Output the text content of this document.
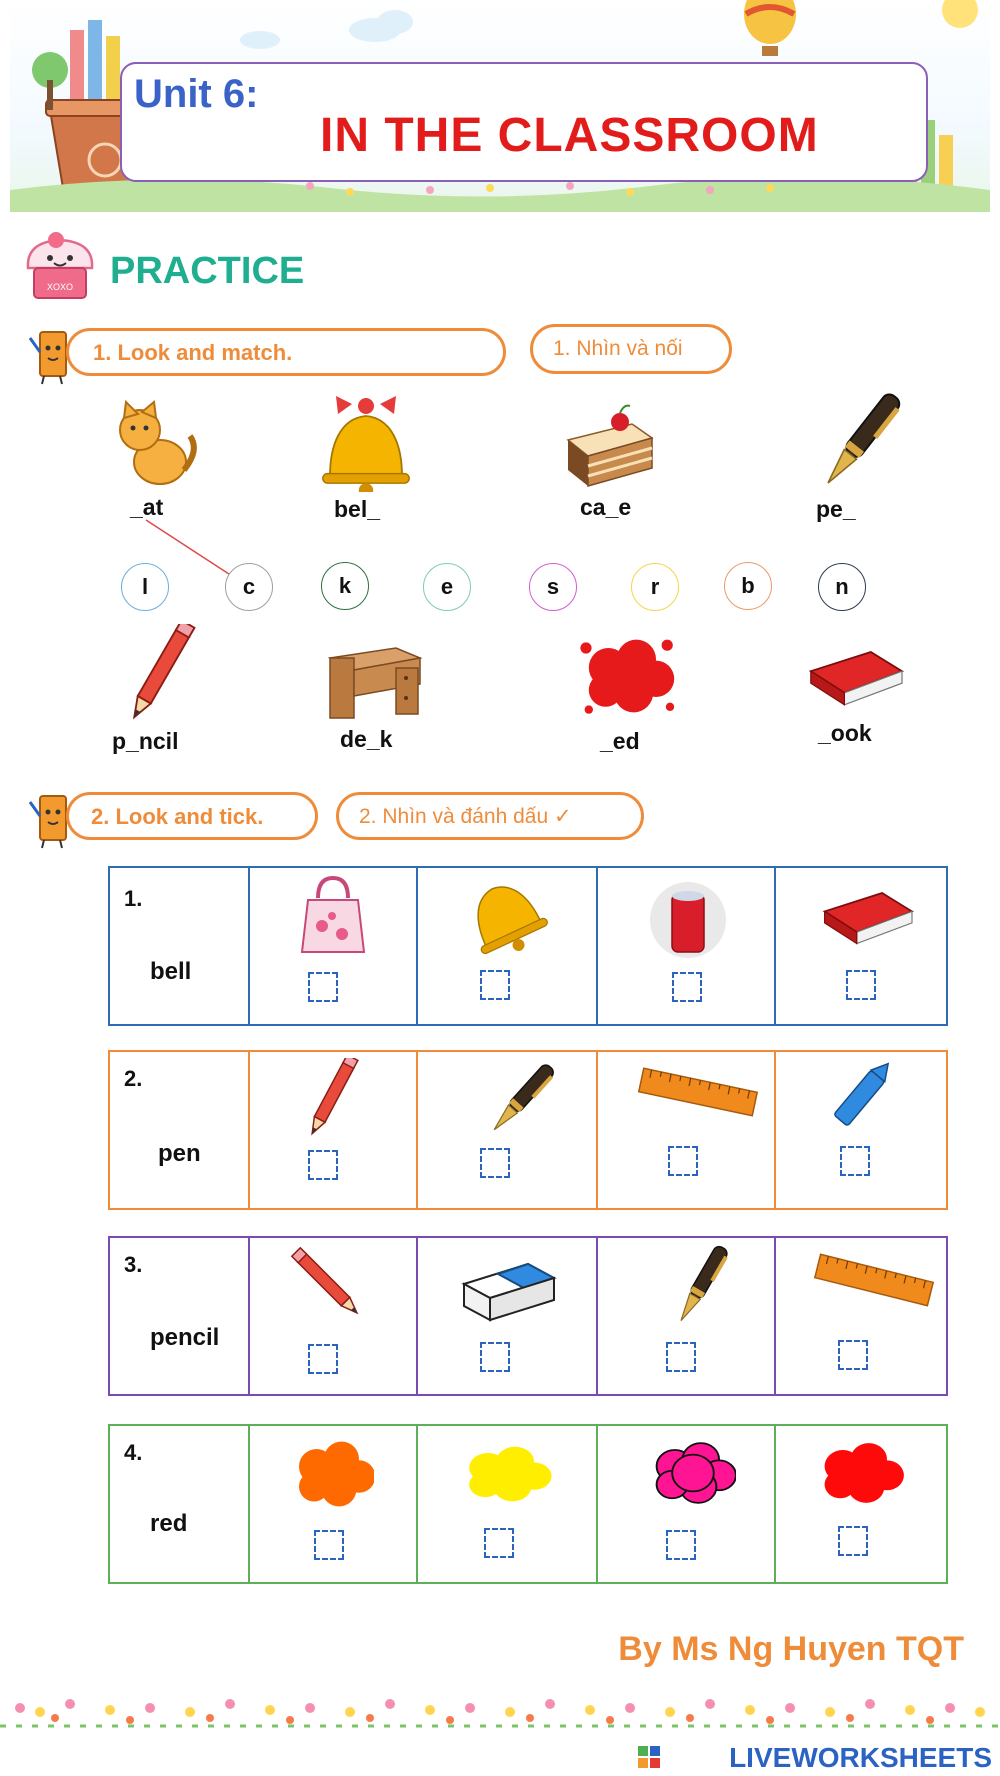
Unit 6:
IN THE CLASSROOM
XOXO PRACTICE
1. Look and match.	1. Nhìn và nối
_at	bel_	ca_e	pe_
l	c	k	e	s	r	b	n
p_ncil	de_k	_ed	_ook
2. Look and tick.	2. Nhìn và đánh dấu ✓
1.
bell
2.
pen
3.
pencil
4.
red
By Ms Ng Huyen TQT
LIVEWORKSHEETS
